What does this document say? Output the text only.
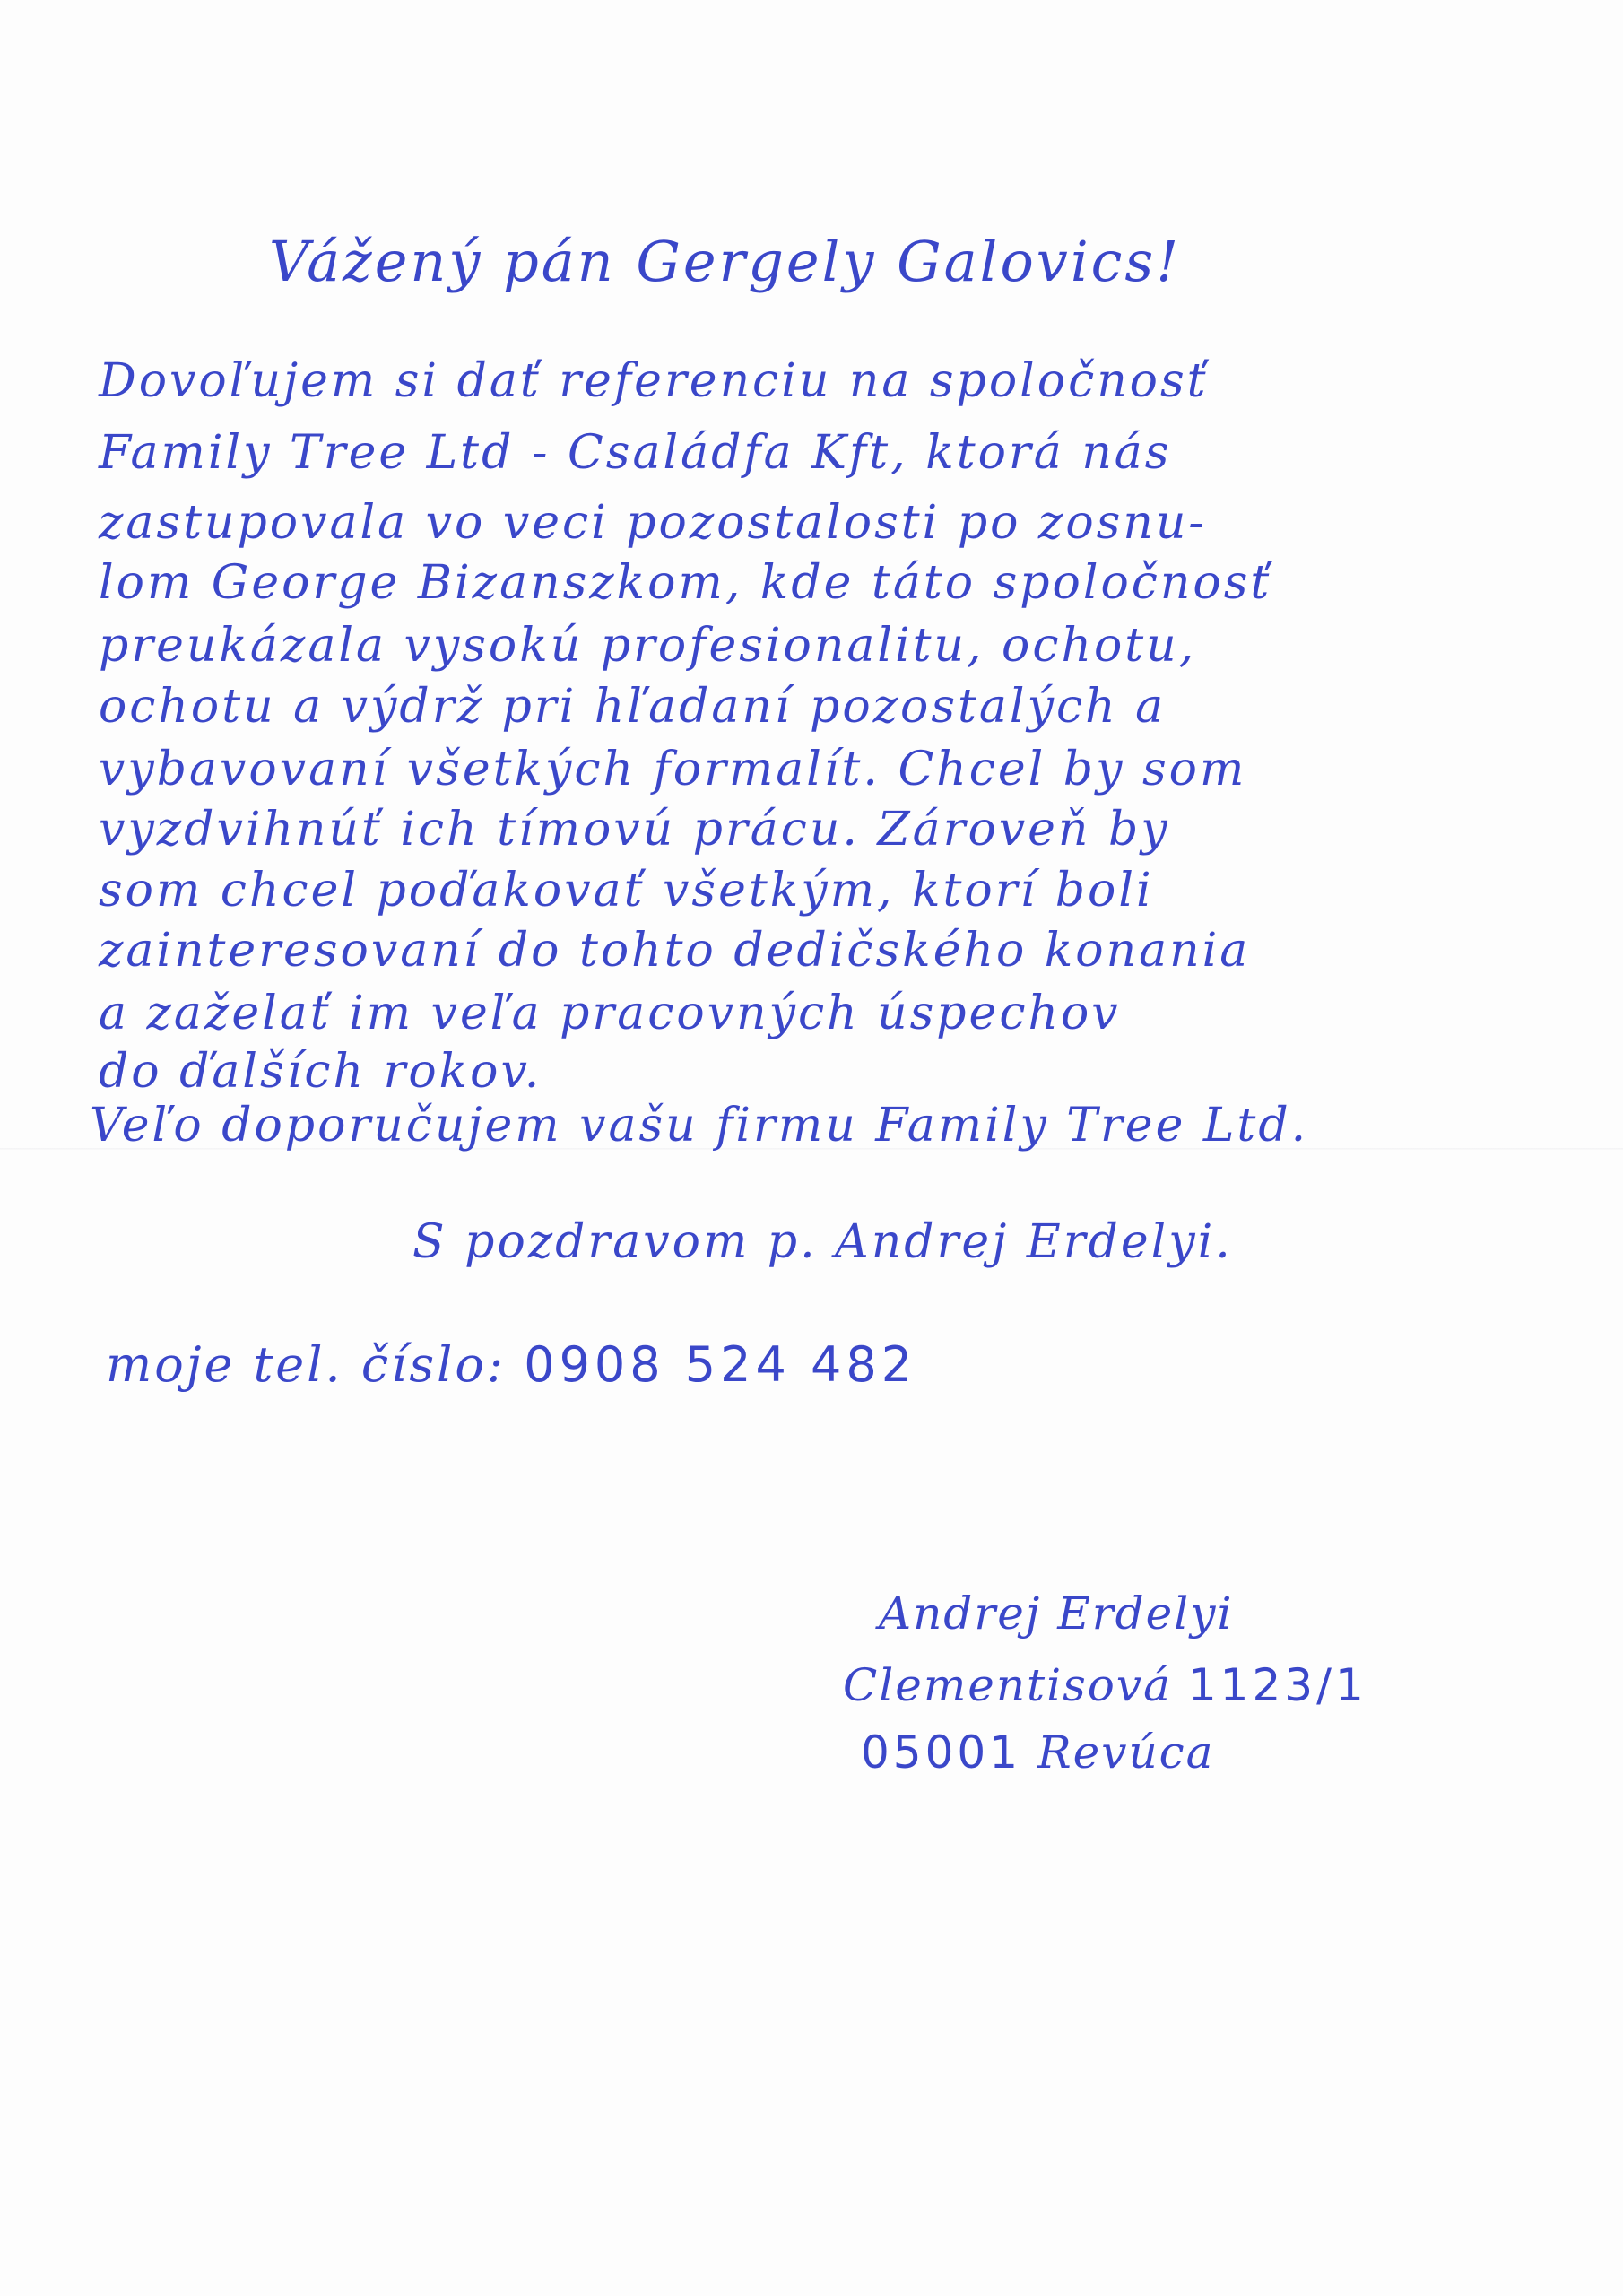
Vážený pán Gergely Galovics!
Dovoľujem si dať referenciu na spoločnosť
Family Tree Ltd - Családfa Kft, ktorá nás
zastupovala vo veci pozostalosti po zosnu-
lom George Bizanszkom, kde táto spoločnosť
preukázala vysokú profesionalitu, ochotu,
ochotu a výdrž pri hľadaní pozostalých a
vybavovaní všetkých formalít. Chcel by som
vyzdvihnúť ich tímovú prácu. Zároveň by
som chcel poďakovať všetkým, ktorí boli
zainteresovaní do tohto dedičského konania
a zaželať im veľa pracovných úspechov
do ďalších rokov.
Veľo doporučujem vašu firmu Family Tree Ltd.
S pozdravom p. Andrej Erdelyi.
moje tel. číslo: 0908 524 482
Andrej Erdelyi
Clementisová 1123/1
05001 Revúca
